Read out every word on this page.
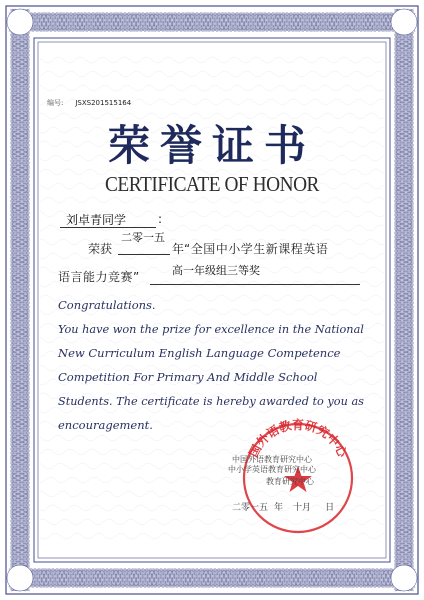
编号: JSXS201515164
荣誉证书
CERTIFICATE OF HONOR
刘卓青同学	:
荣获
二零一五
年 “全国中小学生新课程英语
语言能力竞赛”	高一年级组三等奖
Congratulations.
You have won the prize for excellence in the National
New Curriculum English Language Competence
Competition For Primary And Middle School
Students. The certificate is hereby awarded to you as
encouragement.
国外语教育研究中心
中国外语教育研究中心
中小学英语教育研究中心
教育研究中心
二零一五 年 十月 日
